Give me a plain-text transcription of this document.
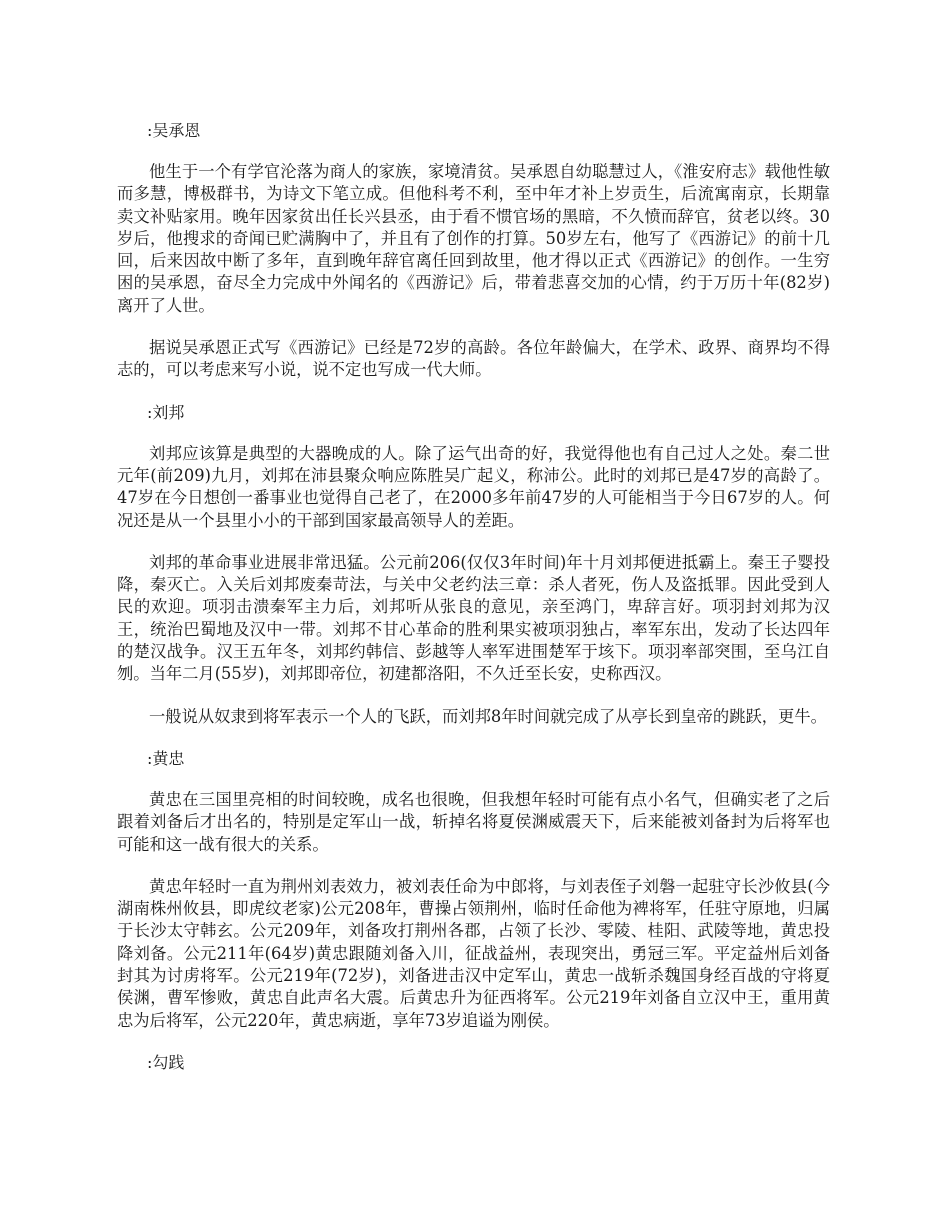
:吴承恩

他生于一个有学官沦落为商人的家族，家境清贫。吴承恩自幼聪慧过人，《淮安府志》载他性敏而多慧，博极群书，为诗文下笔立成。但他科考不利，至中年才补上岁贡生，后流寓南京，长期靠卖文补贴家用。晚年因家贫出任长兴县丞，由于看不惯官场的黑暗，不久愤而辞官，贫老以终。30岁后，他搜求的奇闻已贮满胸中了，并且有了创作的打算。50岁左右，他写了《西游记》的前十几回，后来因故中断了多年，直到晚年辞官离任回到故里，他才得以正式《西游记》的创作。一生穷困的吴承恩，奋尽全力完成中外闻名的《西游记》后，带着悲喜交加的心情，约于万历十年(82岁)离开了人世。

据说吴承恩正式写《西游记》已经是72岁的高龄。各位年龄偏大，在学术、政界、商界均不得志的，可以考虑来写小说，说不定也写成一代大师。

:刘邦

刘邦应该算是典型的大器晚成的人。除了运气出奇的好，我觉得他也有自己过人之处。秦二世元年(前209)九月，刘邦在沛县聚众响应陈胜吴广起义，称沛公。此时的刘邦已是47岁的高龄了。47岁在今日想创一番事业也觉得自己老了，在2000多年前47岁的人可能相当于今日67岁的人。何况还是从一个县里小小的干部到国家最高领导人的差距。

刘邦的革命事业进展非常迅猛。公元前206(仅仅3年时间)年十月刘邦便进抵霸上。秦王子婴投降，秦灭亡。入关后刘邦废秦苛法，与关中父老约法三章：杀人者死，伤人及盗抵罪。因此受到人民的欢迎。项羽击溃秦军主力后，刘邦听从张良的意见，亲至鸿门，卑辞言好。项羽封刘邦为汉王，统治巴蜀地及汉中一带。刘邦不甘心革命的胜利果实被项羽独占，率军东出，发动了长达四年的楚汉战争。汉王五年冬，刘邦约韩信、彭越等人率军进围楚军于垓下。项羽率部突围，至乌江自刎。当年二月(55岁)，刘邦即帝位，初建都洛阳，不久迁至长安，史称西汉。

一般说从奴隶到将军表示一个人的飞跃，而刘邦8年时间就完成了从亭长到皇帝的跳跃，更牛。

:黄忠

黄忠在三国里亮相的时间较晚，成名也很晚，但我想年轻时可能有点小名气，但确实老了之后跟着刘备后才出名的，特别是定军山一战，斩掉名将夏侯渊威震天下，后来能被刘备封为后将军也可能和这一战有很大的关系。

黄忠年轻时一直为荆州刘表效力，被刘表任命为中郎将，与刘表侄子刘磐一起驻守长沙攸县(今湖南株州攸县，即虎纹老家)公元208年，曹操占领荆州，临时任命他为裨将军，任驻守原地，归属于长沙太守韩玄。公元209年，刘备攻打荆州各郡，占领了长沙、零陵、桂阳、武陵等地，黄忠投降刘备。公元211年(64岁)黄忠跟随刘备入川，征战益州，表现突出，勇冠三军。平定益州后刘备封其为讨虏将军。公元219年(72岁)，刘备进击汉中定军山，黄忠一战斩杀魏国身经百战的守将夏侯渊，曹军惨败，黄忠自此声名大震。后黄忠升为征西将军。公元219年刘备自立汉中王，重用黄忠为后将军，公元220年，黄忠病逝，享年73岁追谥为刚侯。

:勾践
